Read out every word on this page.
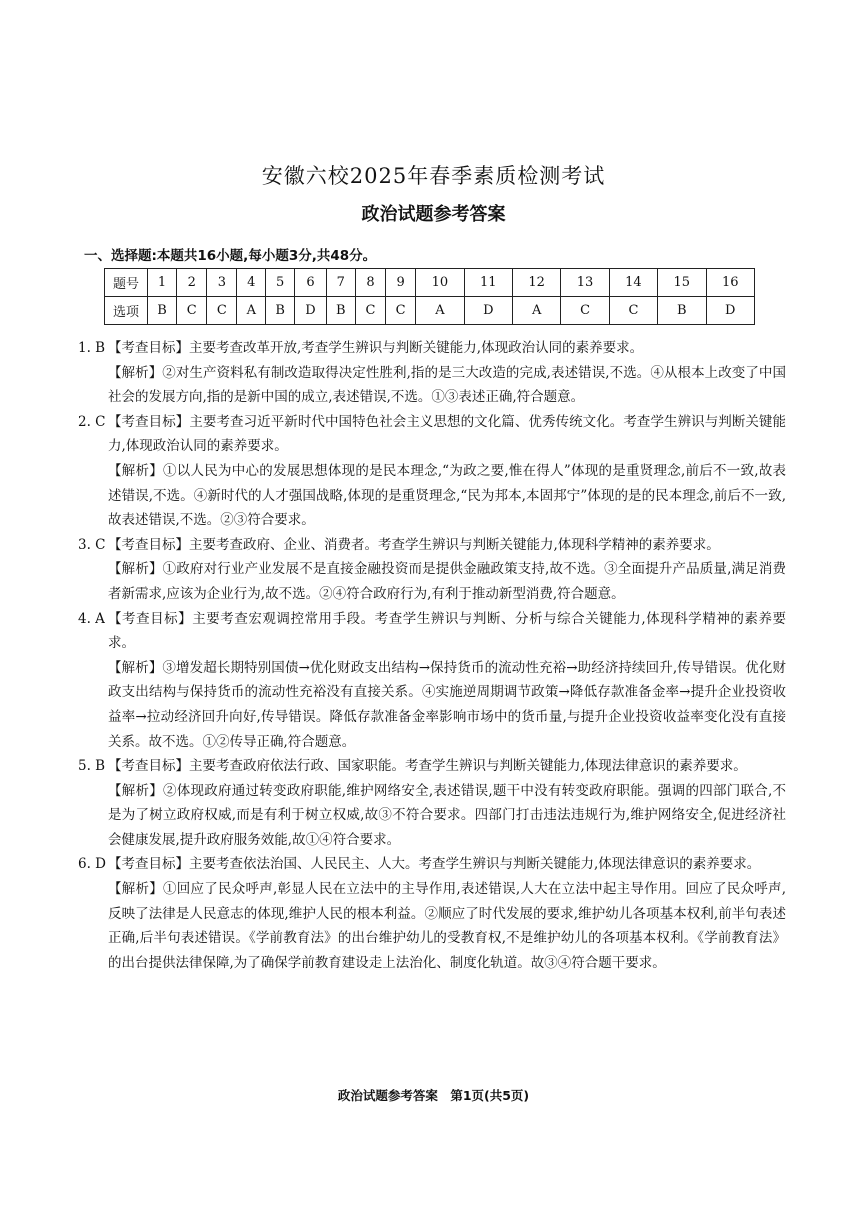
安徽六校2025年春季素质检测考试
政治试题参考答案
一、选择题:本题共16小题,每小题3分,共48分。
题号	1	2	3	4	5	6	7	8	9	10	11	12	13	14	15	16
选项	B	C	C	A	B	D	B	C	C	A	D	A	C	C	B	D
1. B 【考查目标】主要考查改革开放,考查学生辨识与判断关键能力,体现政治认同的素养要求。
【解析】②对生产资料私有制改造取得决定性胜利,指的是三大改造的完成,表述错误,不选。④从根本上改变了中国社会的发展方向,指的是新中国的成立,表述错误,不选。①③表述正确,符合题意。
2. C 【考查目标】主要考查习近平新时代中国特色社会主义思想的文化篇、优秀传统文化。考查学生辨识与判断关键能力,体现政治认同的素养要求。
【解析】①以人民为中心的发展思想体现的是民本理念,“为政之要,惟在得人”体现的是重贤理念,前后不一致,故表述错误,不选。④新时代的人才强国战略,体现的是重贤理念,“民为邦本,本固邦宁”体现的是的民本理念,前后不一致,故表述错误,不选。②③符合要求。
3. C 【考查目标】主要考查政府、企业、消费者。考查学生辨识与判断关键能力,体现科学精神的素养要求。
【解析】①政府对行业产业发展不是直接金融投资而是提供金融政策支持,故不选。③全面提升产品质量,满足消费者新需求,应该为企业行为,故不选。②④符合政府行为,有利于推动新型消费,符合题意。
4. A 【考查目标】主要考查宏观调控常用手段。考查学生辨识与判断、分析与综合关键能力,体现科学精神的素养要求。
【解析】③增发超长期特别国债→优化财政支出结构→保持货币的流动性充裕→助经济持续回升,传导错误。优化财政支出结构与保持货币的流动性充裕没有直接关系。④实施逆周期调节政策→降低存款准备金率→提升企业投资收益率→拉动经济回升向好,传导错误。降低存款准备金率影响市场中的货币量,与提升企业投资收益率变化没有直接关系。故不选。①②传导正确,符合题意。
5. B 【考查目标】主要考查政府依法行政、国家职能。考查学生辨识与判断关键能力,体现法律意识的素养要求。
【解析】②体现政府通过转变政府职能,维护网络安全,表述错误,题干中没有转变政府职能。强调的四部门联合,不是为了树立政府权威,而是有利于树立权威,故③不符合要求。四部门打击违法违规行为,维护网络安全,促进经济社会健康发展,提升政府服务效能,故①④符合要求。
6. D 【考查目标】主要考查依法治国、人民民主、人大。考查学生辨识与判断关键能力,体现法律意识的素养要求。
【解析】①回应了民众呼声,彰显人民在立法中的主导作用,表述错误,人大在立法中起主导作用。回应了民众呼声,反映了法律是人民意志的体现,维护人民的根本利益。②顺应了时代发展的要求,维护幼儿各项基本权利,前半句表述正确,后半句表述错误。《学前教育法》的出台维护幼儿的受教育权,不是维护幼儿的各项基本权利。《学前教育法》的出台提供法律保障,为了确保学前教育建设走上法治化、制度化轨道。故③④符合题干要求。
政治试题参考答案　第1页(共5页)
